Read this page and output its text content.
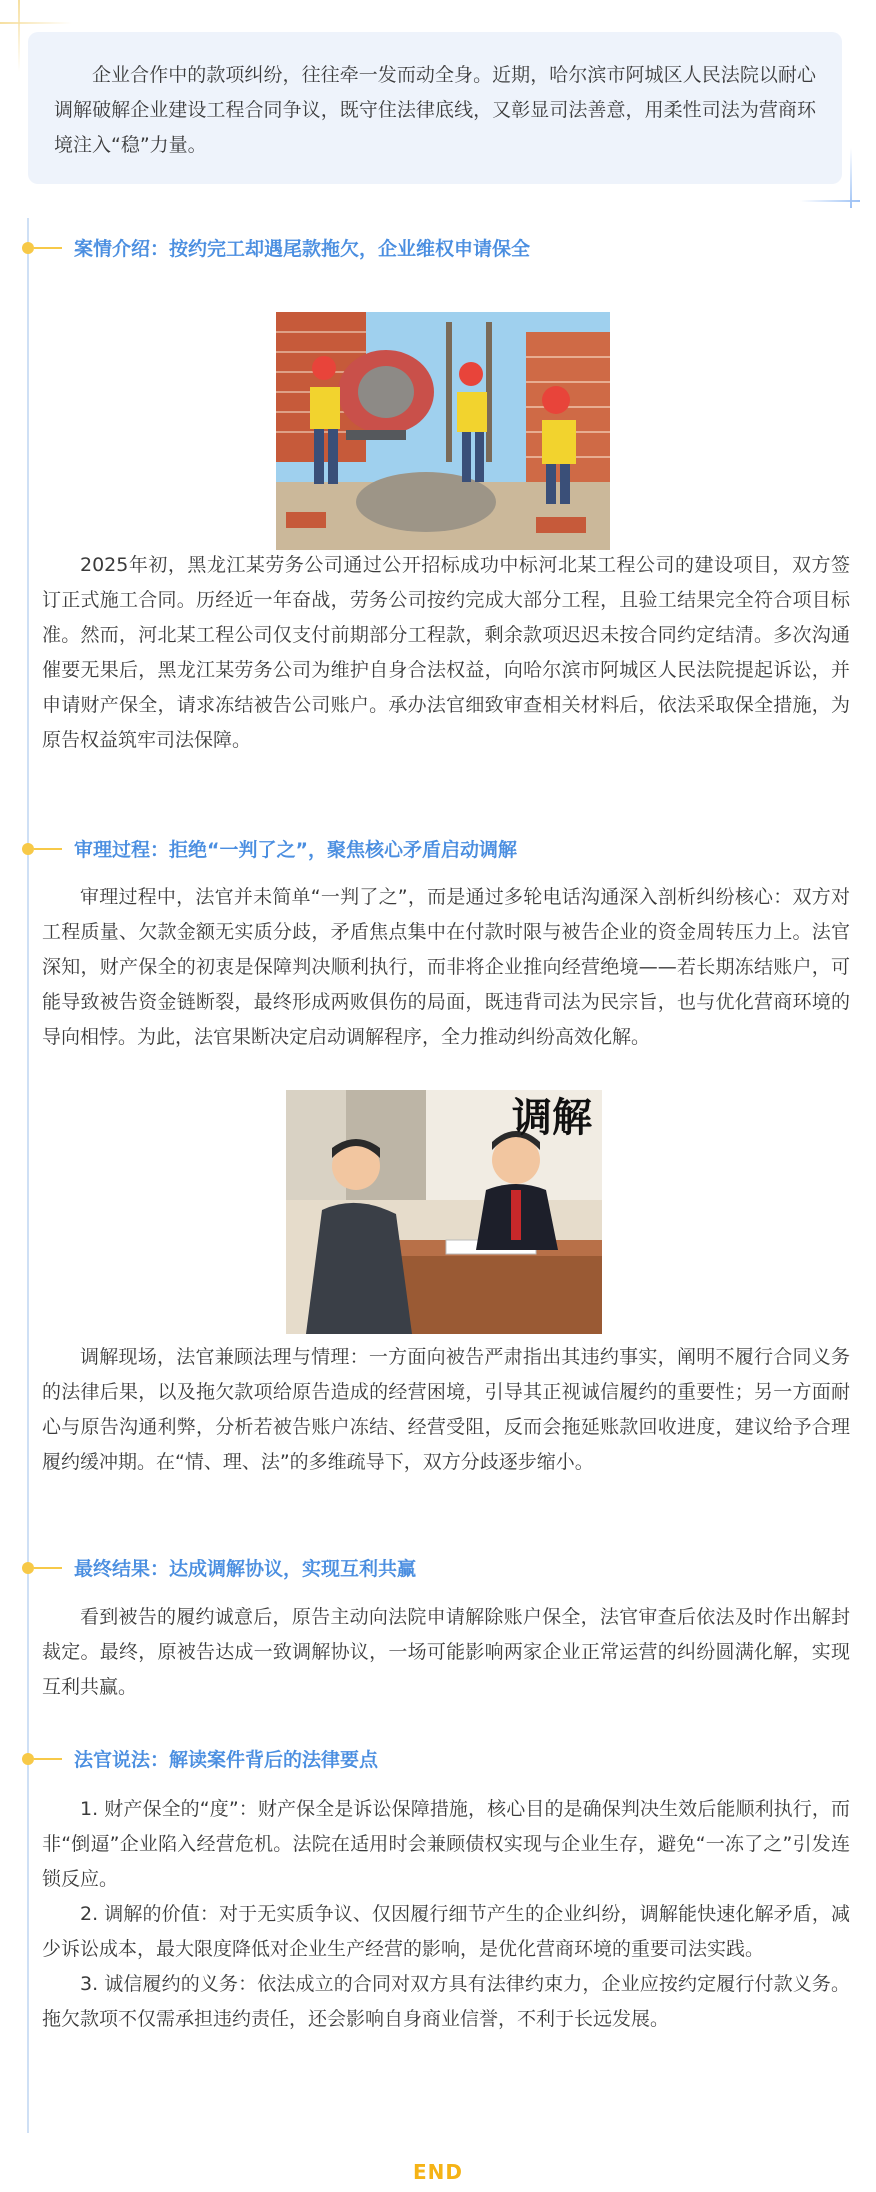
企业合作中的款项纠纷，往往牵一发而动全身。近期，哈尔滨市阿城区人民法院以耐心调解破解企业建设工程合同争议，既守住法律底线，又彰显司法善意，用柔性司法为营商环境注入“稳”力量。

案情介绍：按约完工却遇尾款拖欠，企业维权申请保全

2025年初，黑龙江某劳务公司通过公开招标成功中标河北某工程公司的建设项目，双方签订正式施工合同。历经近一年奋战，劳务公司按约完成大部分工程，且验工结果完全符合项目标准。然而，河北某工程公司仅支付前期部分工程款，剩余款项迟迟未按合同约定结清。多次沟通催要无果后，黑龙江某劳务公司为维护自身合法权益，向哈尔滨市阿城区人民法院提起诉讼，并申请财产保全，请求冻结被告公司账户。承办法官细致审查相关材料后，依法采取保全措施，为原告权益筑牢司法保障。

审理过程：拒绝“一判了之”，聚焦核心矛盾启动调解

审理过程中，法官并未简单“一判了之”，而是通过多轮电话沟通深入剖析纠纷核心：双方对工程质量、欠款金额无实质分歧，矛盾焦点集中在付款时限与被告企业的资金周转压力上。法官深知，财产保全的初衷是保障判决顺利执行，而非将企业推向经营绝境——若长期冻结账户，可能导致被告资金链断裂，最终形成两败俱伤的局面，既违背司法为民宗旨，也与优化营商环境的导向相悖。为此，法官果断决定启动调解程序，全力推动纠纷高效化解。

调解

调解现场，法官兼顾法理与情理：一方面向被告严肃指出其违约事实，阐明不履行合同义务的法律后果，以及拖欠款项给原告造成的经营困境，引导其正视诚信履约的重要性；另一方面耐心与原告沟通利弊，分析若被告账户冻结、经营受阻，反而会拖延账款回收进度，建议给予合理履约缓冲期。在“情、理、法”的多维疏导下，双方分歧逐步缩小。

最终结果：达成调解协议，实现互利共赢

看到被告的履约诚意后，原告主动向法院申请解除账户保全，法官审查后依法及时作出解封裁定。最终，原被告达成一致调解协议，一场可能影响两家企业正常运营的纠纷圆满化解，实现互利共赢。

法官说法：解读案件背后的法律要点

1. 财产保全的“度”：财产保全是诉讼保障措施，核心目的是确保判决生效后能顺利执行，而非“倒逼”企业陷入经营危机。法院在适用时会兼顾债权实现与企业生存，避免“一冻了之”引发连锁反应。

2. 调解的价值：对于无实质争议、仅因履行细节产生的企业纠纷，调解能快速化解矛盾，减少诉讼成本，最大限度降低对企业生产经营的影响，是优化营商环境的重要司法实践。

3. 诚信履约的义务：依法成立的合同对双方具有法律约束力，企业应按约定履行付款义务。拖欠款项不仅需承担违约责任，还会影响自身商业信誉，不利于长远发展。

END
